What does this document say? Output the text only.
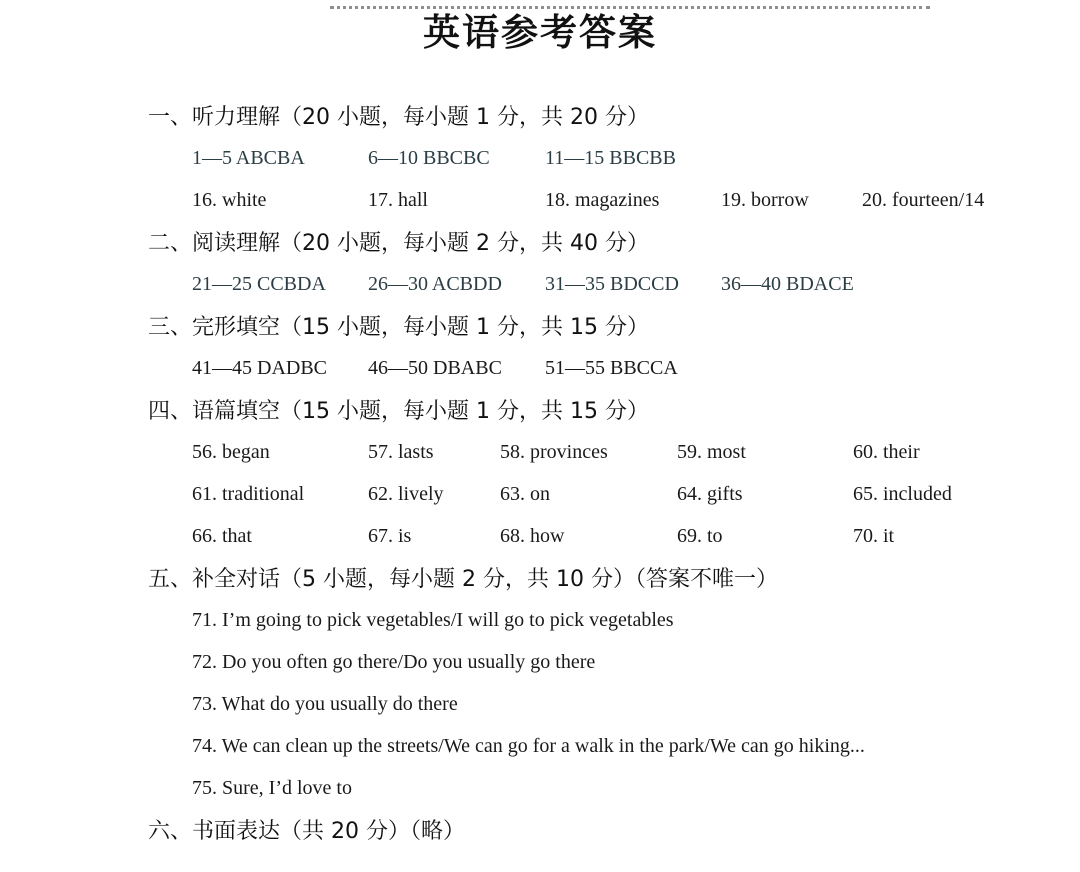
英语参考答案
一、听力理解（20 小题，每小题 1 分，共 20 分）
1—5 ABCBA	6—10 BBCBC	11—15 BBCBB
16. white	17. hall	18. magazines	19. borrow	20. fourteen/14
二、阅读理解（20 小题，每小题 2 分，共 40 分）
21—25 CCBDA 26—30 ACBDD 31—35 BDCCD 36—40 BDACE
三、完形填空（15 小题，每小题 1 分，共 15 分）
41—45 DADBC 46—50 DBABC 51—55 BBCCA
四、语篇填空（15 小题，每小题 1 分，共 15 分）
56. began	57. lasts	58. provinces	59. most	60. their
61. traditional	62. lively	63. on	64. gifts	65. included
66. that	67. is	68. how	69. to	70. it
五、补全对话（5 小题，每小题 2 分，共 10 分）（答案不唯一）
71. I’m going to pick vegetables/I will go to pick vegetables
72. Do you often go there/Do you usually go there
73. What do you usually do there
74. We can clean up the streets/We can go for a walk in the park/We can go hiking...
75. Sure, I’d love to
六、书面表达（共 20 分）（略）
